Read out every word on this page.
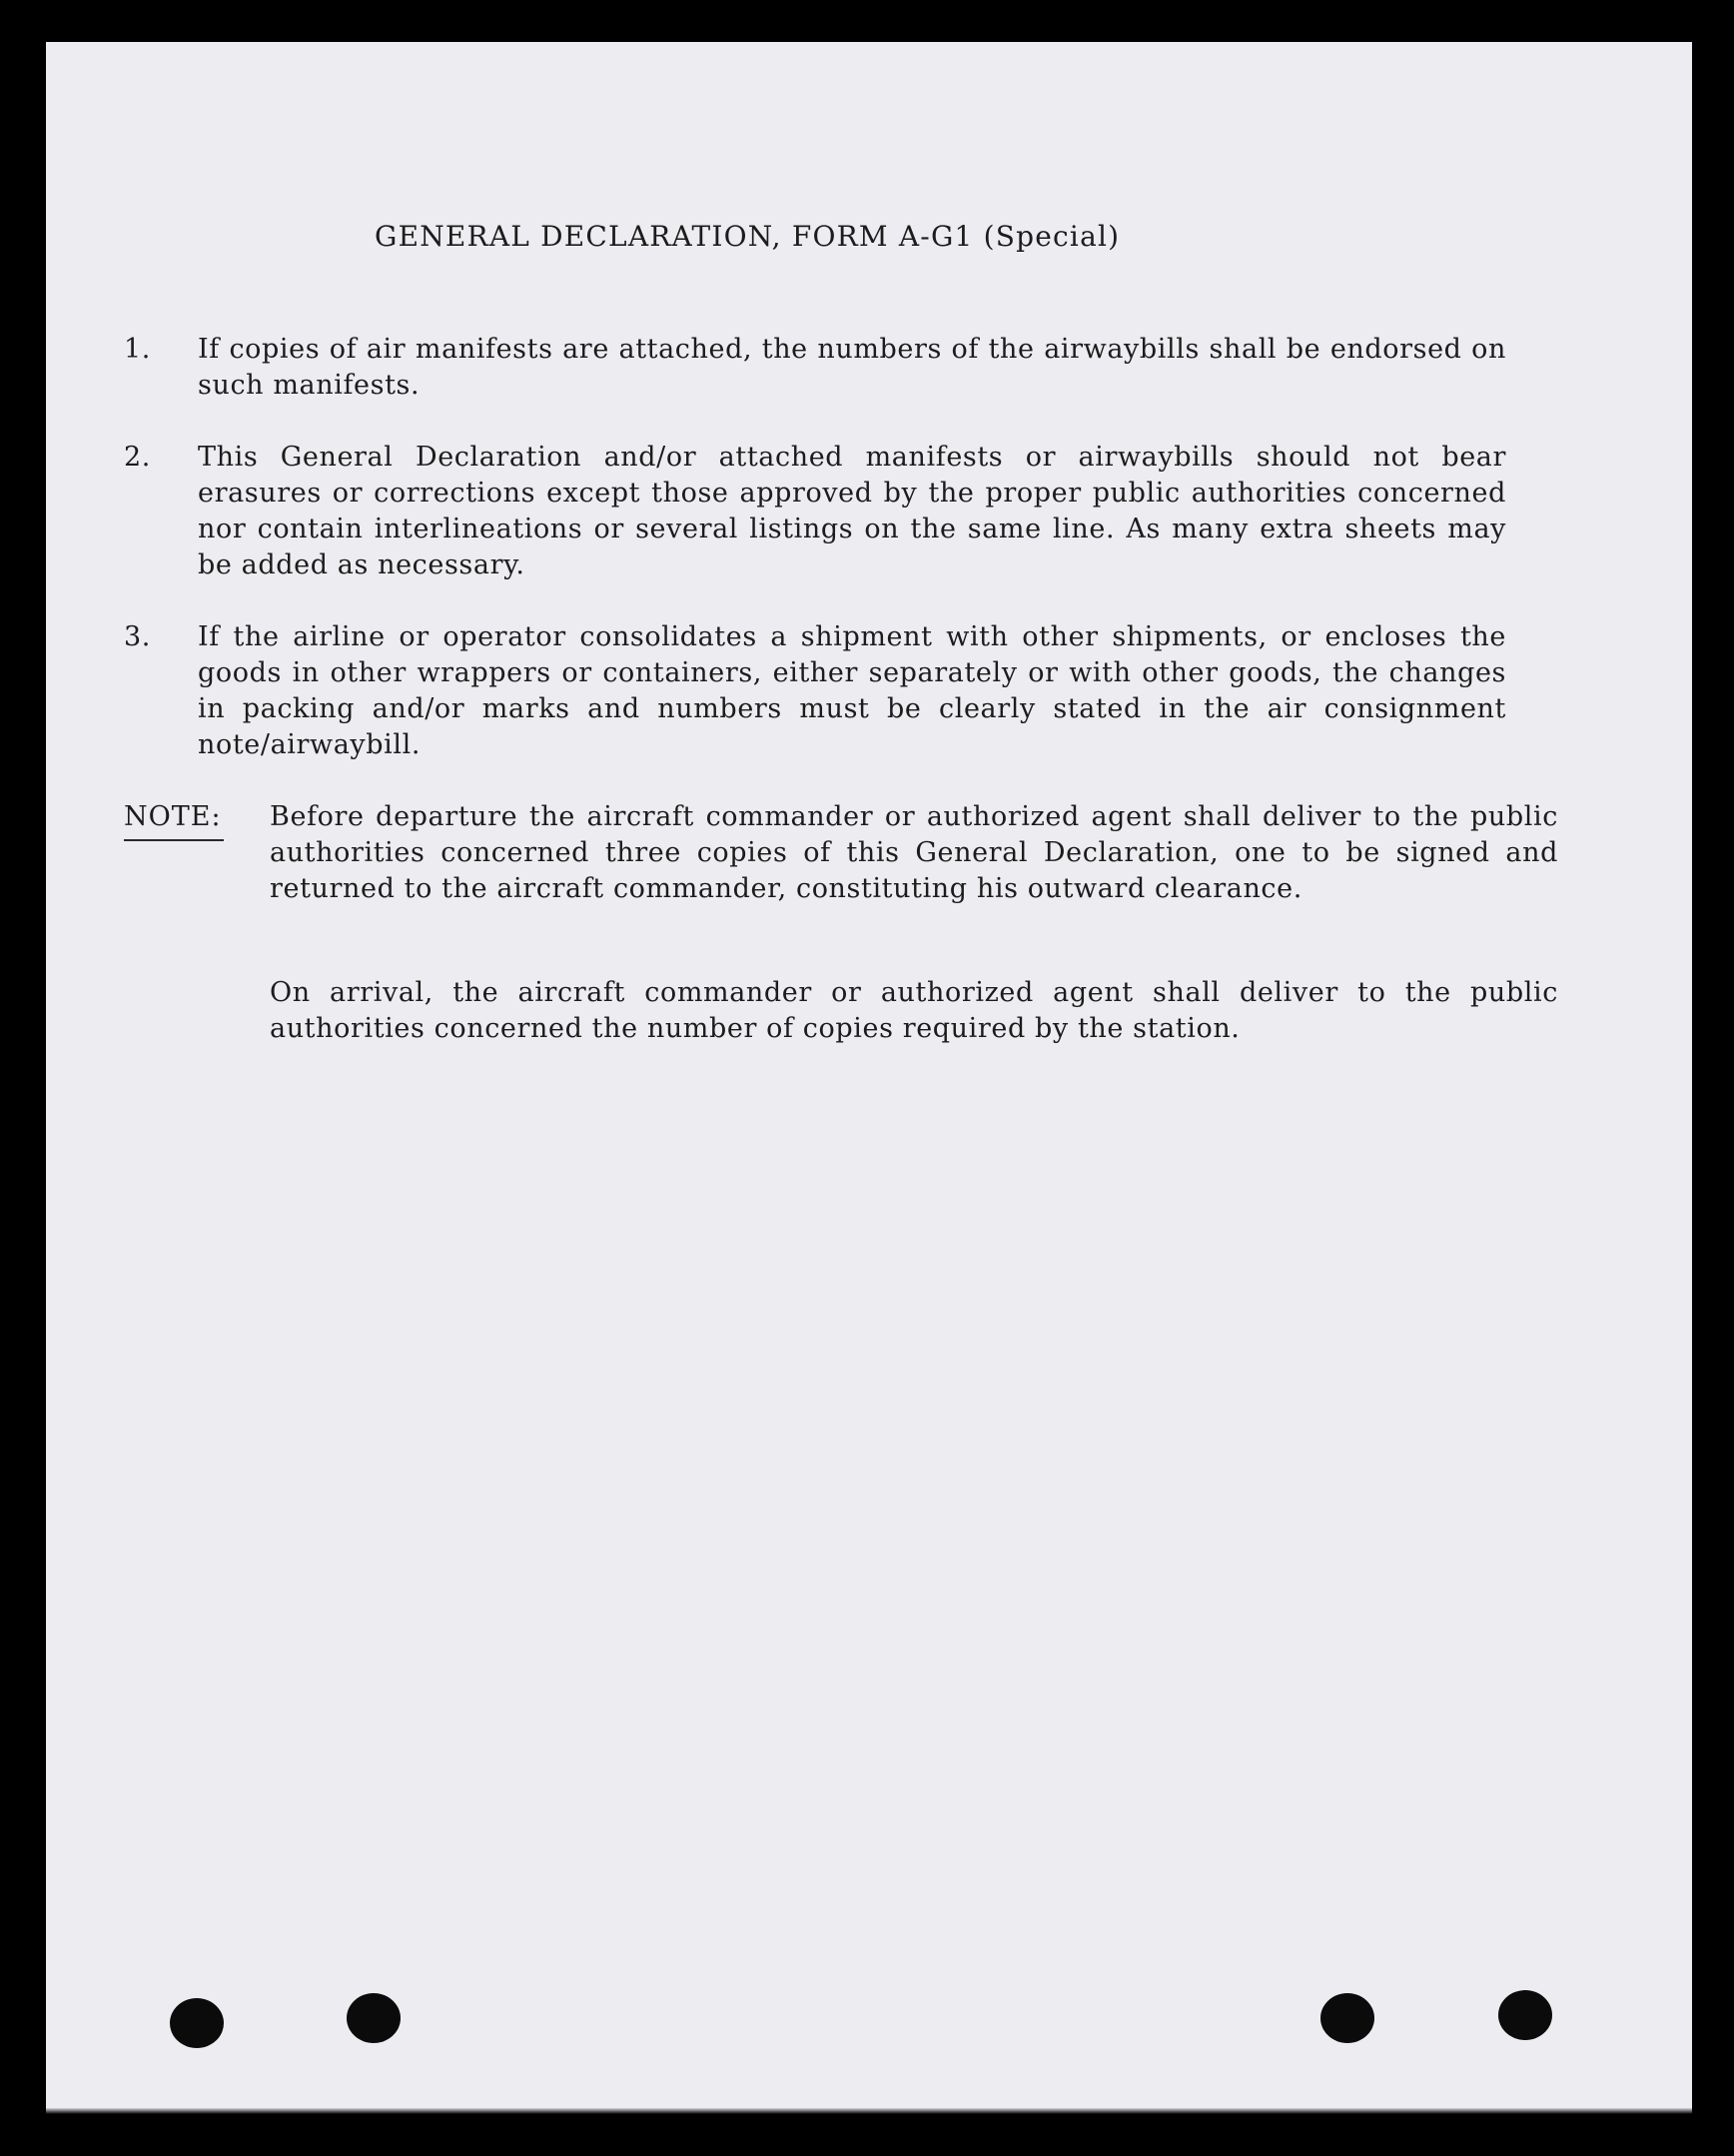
GENERAL DECLARATION, FORM A-G1 (Special)
1.	If copies of air manifests are attached, the numbers of the airwaybills shall be endorsed on such manifests.
2.	This General Declaration and/or attached manifests or airwaybills should not bear erasures or corrections except those approved by the proper public authorities concerned nor contain interlineations or several listings on the same line. As many extra sheets may be added as necessary.
3.	If the airline or operator consolidates a shipment with other shipments, or encloses the goods in other wrappers or containers, either separately or with other goods, the changes in packing and/or marks and numbers must be clearly stated in the air consignment note/airwaybill.
NOTE: Before departure the aircraft commander or authorized agent shall deliver to the public authorities concerned three copies of this General Declaration, one to be signed and returned to the aircraft commander, constituting his outward clearance.
On arrival, the aircraft commander or authorized agent shall deliver to the public authorities concerned the number of copies required by the station.
